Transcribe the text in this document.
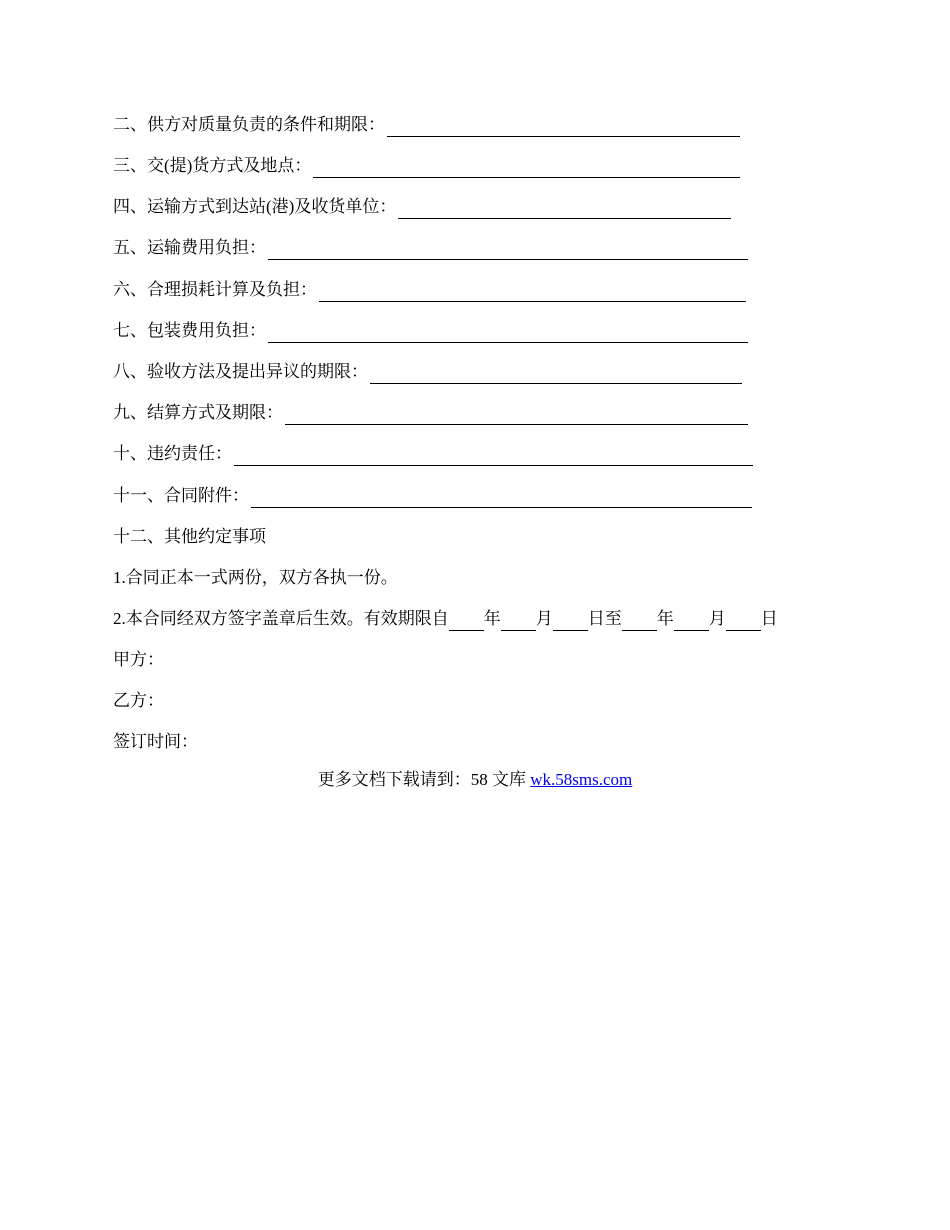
二、供方对质量负责的条件和期限：
三、交(提)货方式及地点：
四、运输方式到达站(港)及收货单位：
五、运输费用负担：
六、合理损耗计算及负担：
七、包装费用负担：
八、验收方法及提出异议的期限：
九、结算方式及期限：
十、违约责任：
十一、合同附件：
十二、其他约定事项
1.合同正本一式两份，双方各执一份。
2.本合同经双方签字盖章后生效。有效期限自 年 月 日至 年 月 日
甲方：
乙方：
签订时间：
更多文档下载请到：58 文库 wk.58sms.com
